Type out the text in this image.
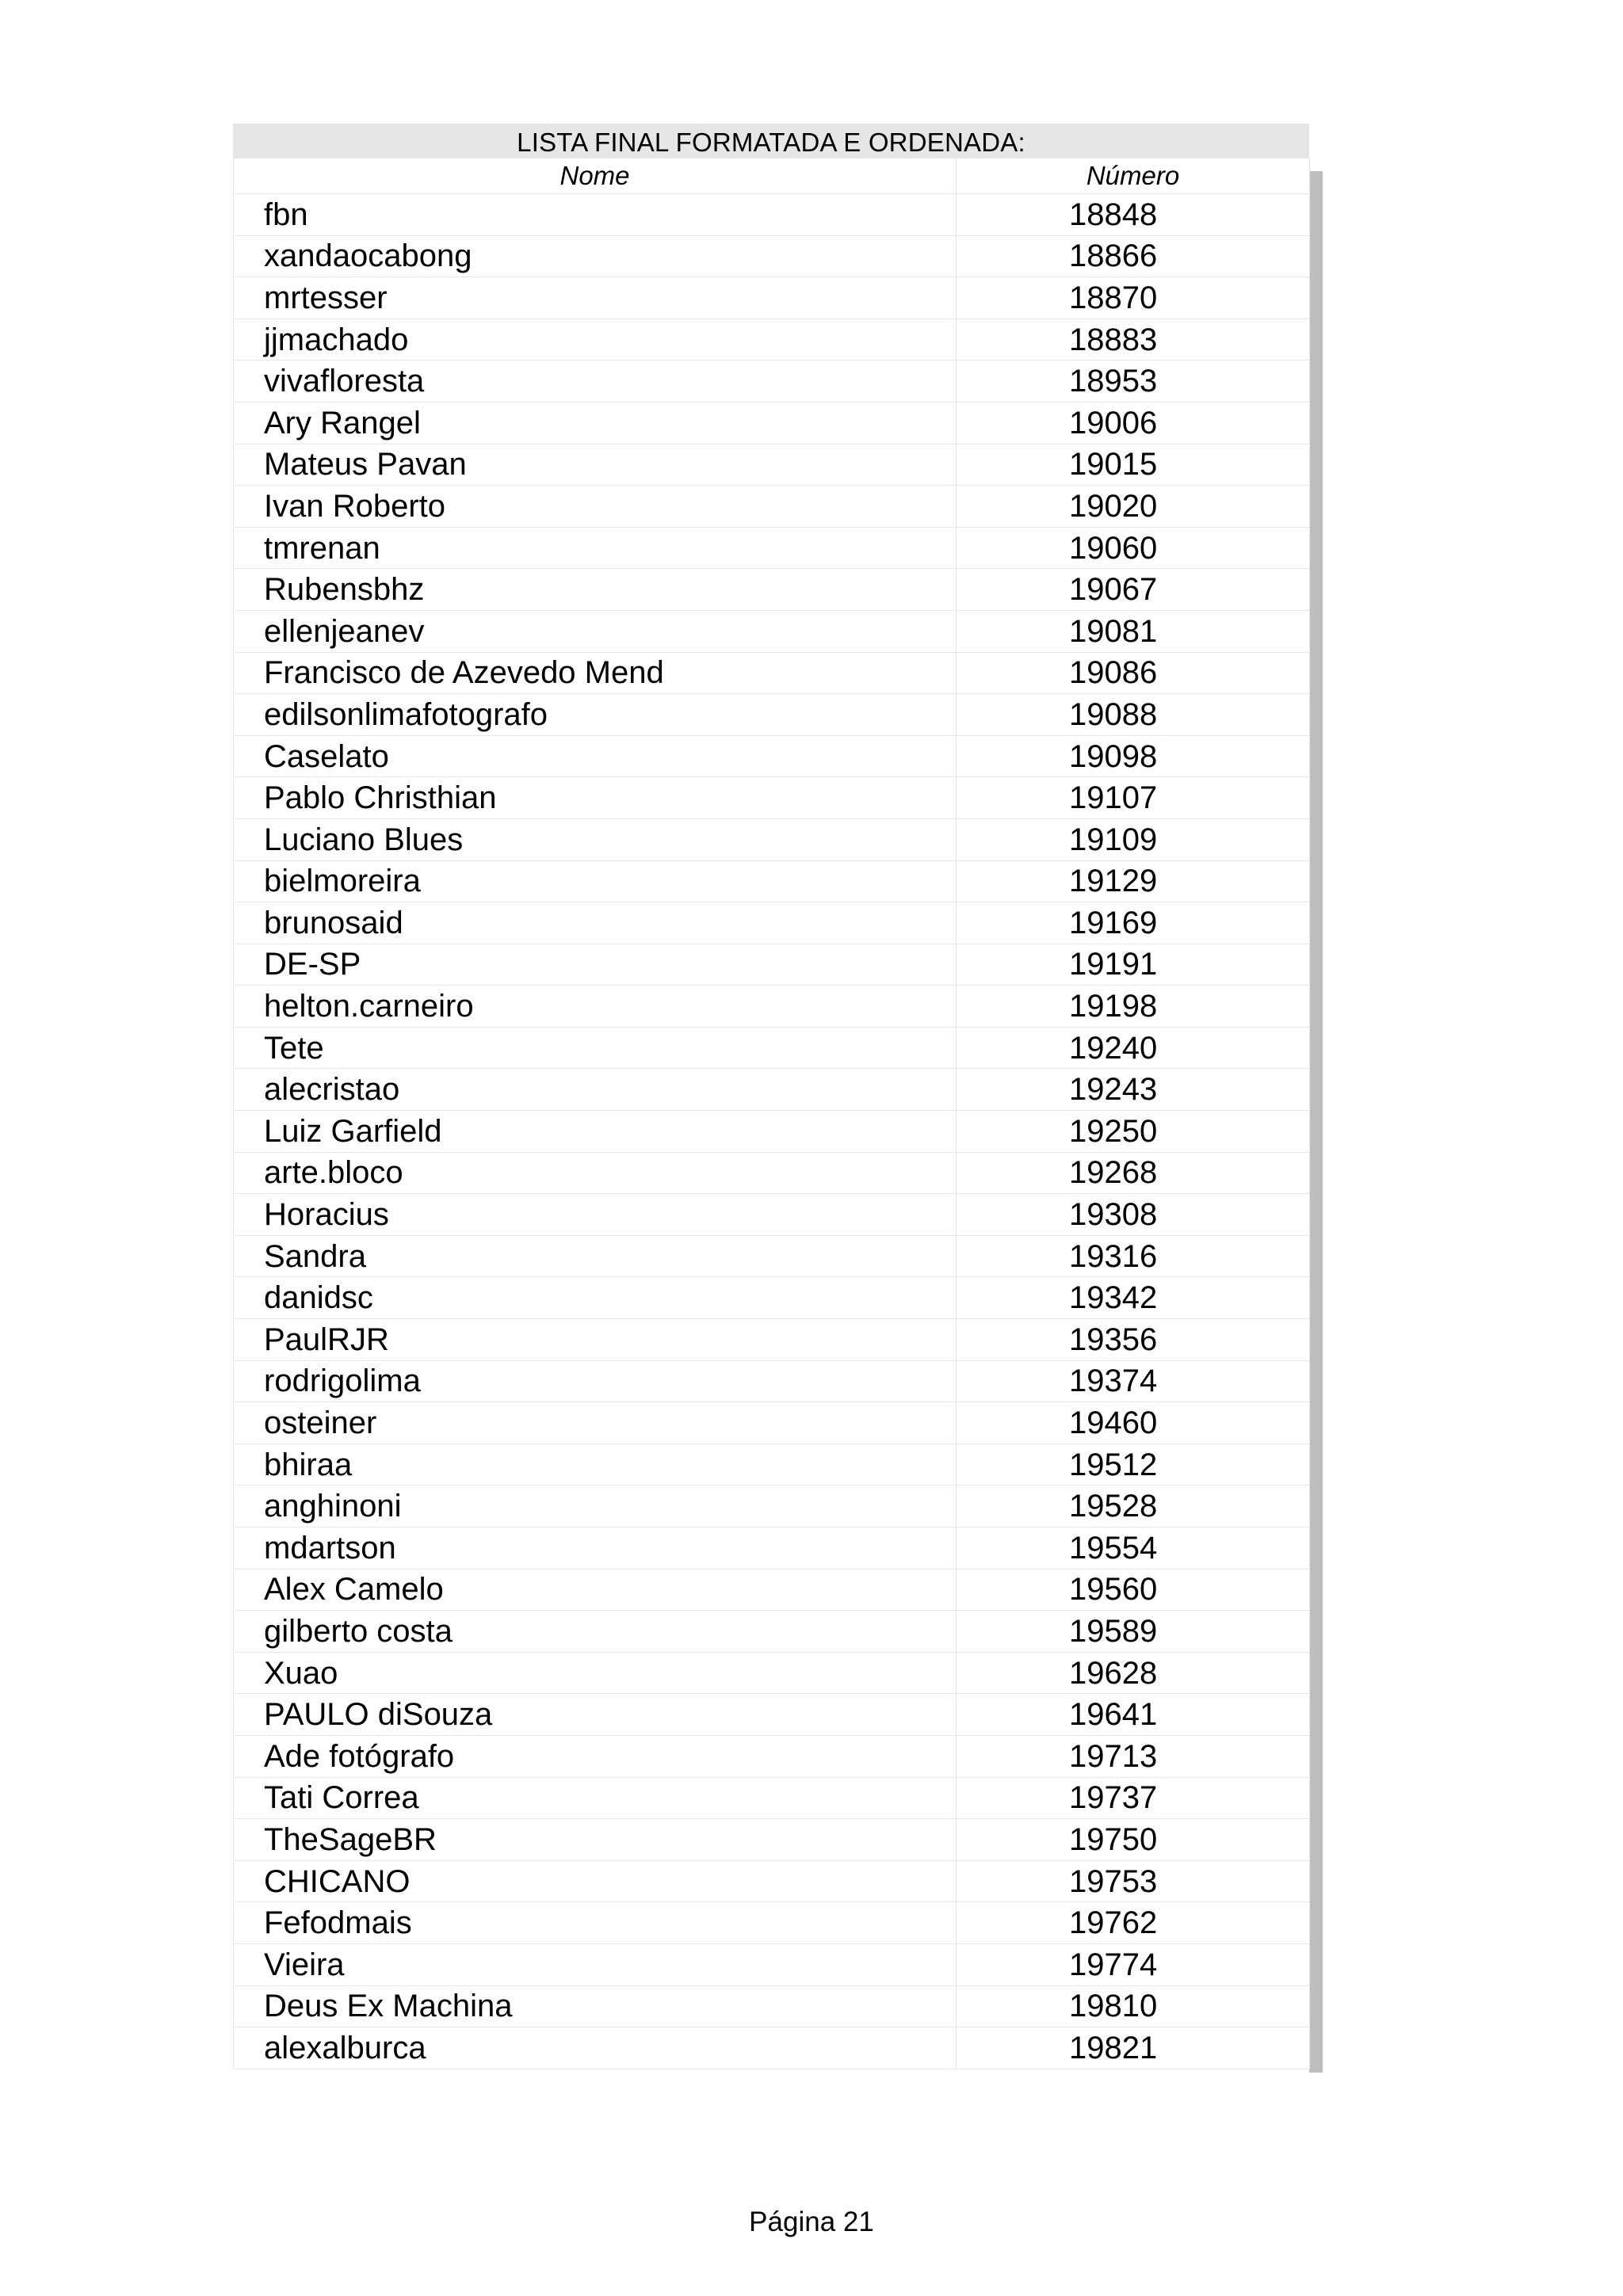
LISTA FINAL FORMATADA E ORDENADA:
Nome	Número
fbn	18848
xandaocabong	18866
mrtesser	18870
jjmachado	18883
vivafloresta	18953
Ary Rangel	19006
Mateus Pavan	19015
Ivan Roberto	19020
tmrenan	19060
Rubensbhz	19067
ellenjeanev	19081
Francisco de Azevedo Mend	19086
edilsonlimafotografo	19088
Caselato	19098
Pablo Christhian	19107
Luciano Blues	19109
bielmoreira	19129
brunosaid	19169
DE-SP	19191
helton.carneiro	19198
Tete	19240
alecristao	19243
Luiz Garfield	19250
arte.bloco	19268
Horacius	19308
Sandra	19316
danidsc	19342
PaulRJR	19356
rodrigolima	19374
osteiner	19460
bhiraa	19512
anghinoni	19528
mdartson	19554
Alex Camelo	19560
gilberto costa	19589
Xuao	19628
PAULO diSouza	19641
Ade fotógrafo	19713
Tati Correa	19737
TheSageBR	19750
CHICANO	19753
Fefodmais	19762
Vieira	19774
Deus Ex Machina	19810
alexalburca	19821
Página 21
